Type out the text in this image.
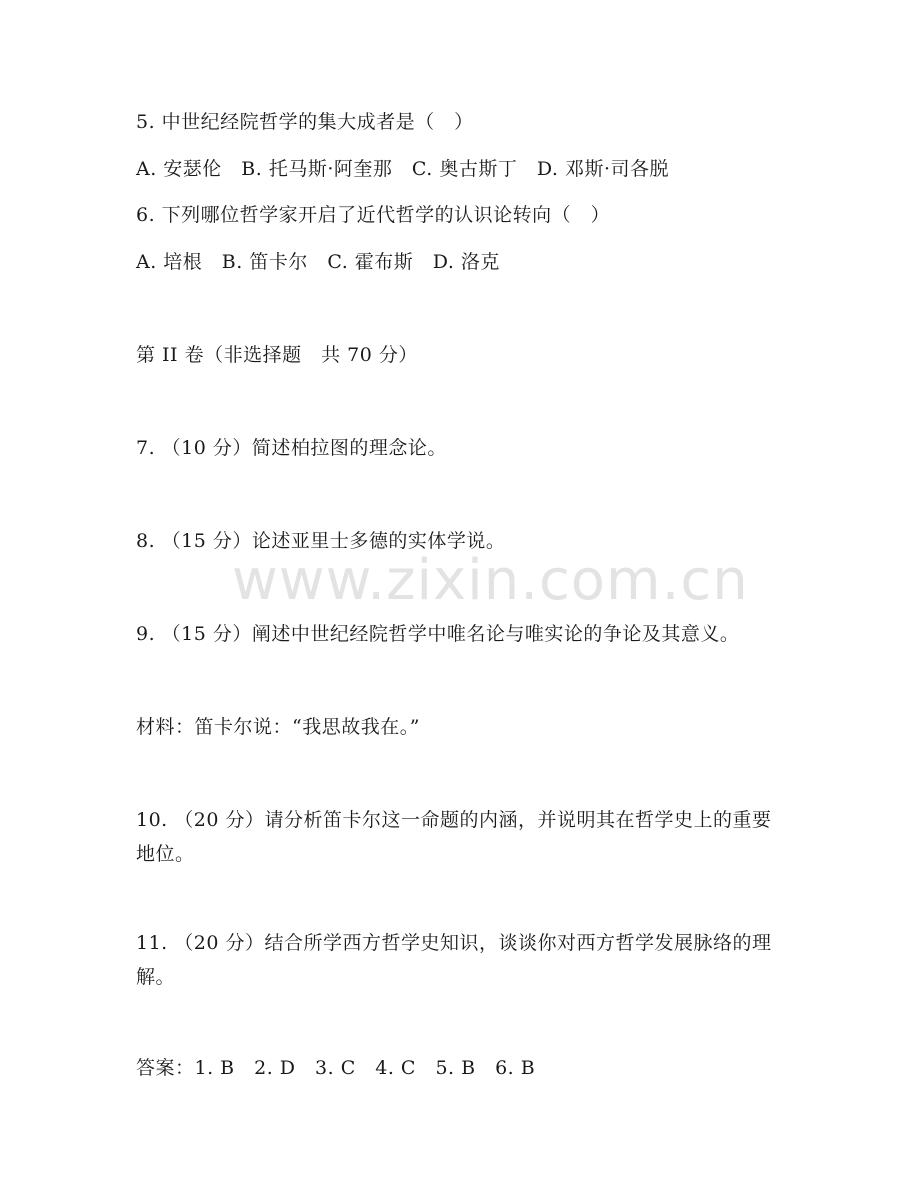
www.zixin.com.cn
5. 中世纪经院哲学的集大成者是（　）
A. 安瑟伦　B. 托马斯·阿奎那　C. 奥古斯丁　D. 邓斯·司各脱
6. 下列哪位哲学家开启了近代哲学的认识论转向（　）
A. 培根　B. 笛卡尔　C. 霍布斯　D. 洛克
第 II 卷（非选择题　共 70 分）
7. （10 分）简述柏拉图的理念论。
8. （15 分）论述亚里士多德的实体学说。
9. （15 分）阐述中世纪经院哲学中唯名论与唯实论的争论及其意义。
材料：笛卡尔说：“我思故我在。”
10. （20 分）请分析笛卡尔这一命题的内涵，并说明其在哲学史上的重要地位。
11. （20 分）结合所学西方哲学史知识，谈谈你对西方哲学发展脉络的理解。
答案：1. B　2. D　3. C　4. C　5. B　6. B
